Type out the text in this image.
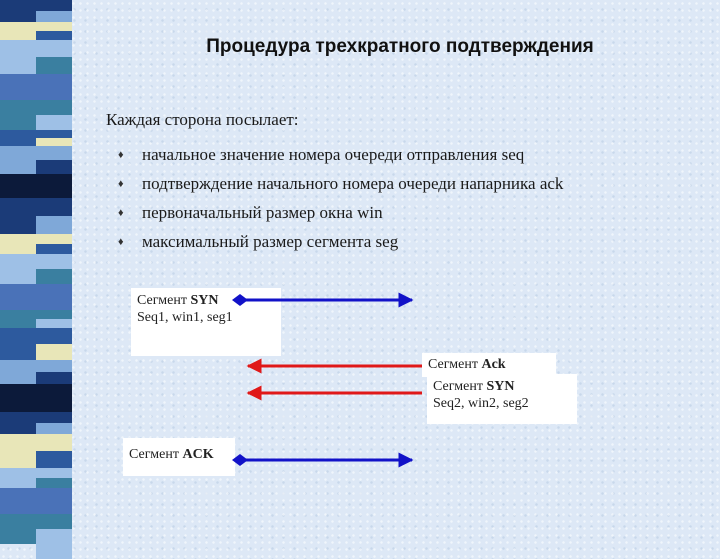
Процедура трехкратного подтверждения
Каждая сторона посылает:
♦	начальное значение номера очереди отправления seq
♦	подтверждение начального номера очереди напарника ack
♦	первоначальный размер окна win
♦	максимальный размер сегмента seg
Сегмент SYN
Seq1, win1, seg1
Сегмент Ack
Сегмент SYN
Seq2, win2, seg2
Сегмент ACK
